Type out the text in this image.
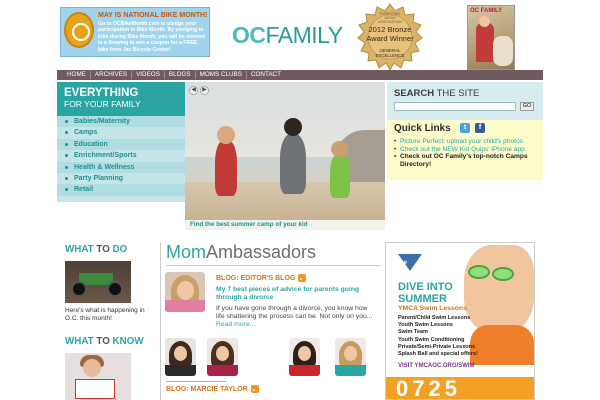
MAY IS NATIONAL BIKE MONTH!
Go to OCBikeMonth.com to pledge your participation in Bike Month. By pledging to bike during Bike Month, you will be entered in a drawing to win a coupon for a FREE bike from Jax Bicycle Center!
OCFAMILY
PARENTING MEDIA ASSOCIATION
2012 Bronze Award Winner
GENERAL EXCELLENCE
OC FAMILY
HOME	ARCHIVES	VIDEOS	BLOGS	MOMS CLUBS	CONTACT
EVERYTHING
FOR YOUR FAMILY
Babies/Maternity
Camps
Education
Enrichment/Sports
Health & Wellness
Party Planning
Retail
◀	▶
Find the best summer camp of your kid
SEARCH THE SITE
GO
Quick Links	t	f
• Picture Perfect: upload your child's photos
• Check out the NEW Kid Quips' iPhone app
• Check out OC Family's top-notch Camps Directory!
WHAT TO DO
Here's what is happening in O.C. this month!
WHAT TO KNOW
MomAmbassadors
BLOG: EDITOR'S BLOG
My 7 best pieces of advice for parents going through a divorce
If you have gone through a divorce, you know how life shattering the process can be. Not only on you... Read more...
BLOG: MARCIE TAYLOR
the
DIVE INTO SUMMER
YMCA Swim Lessons
Parent/Child Swim Lessons
Youth Swim Lessons
Swim Team
Youth Swim Conditioning
Private/Semi-Private Lessons
Splash Ball and special offers!
VISIT YMCAOC.ORG/SWIM
0725
